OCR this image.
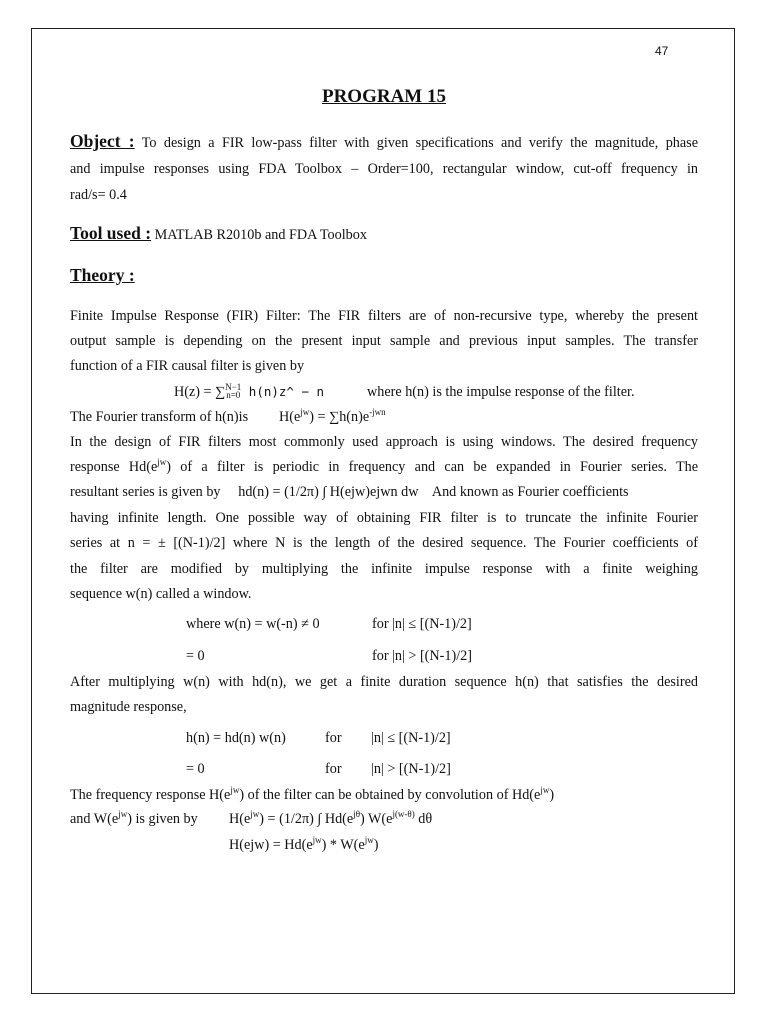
47
PROGRAM 15
Object : To design a FIR low-pass filter with given specifications and verify the magnitude, phase
and impulse responses using FDA Toolbox – Order=100, rectangular window, cut-off frequency in
rad/s= 0.4
Tool used : MATLAB R2010b and FDA Toolbox
Theory :
Finite Impulse Response (FIR) Filter: The FIR filters are of non-recursive type, whereby the present
output sample is depending on the present input sample and previous input samples. The transfer
function of a FIR causal filter is given by
H(z) = ∑N−1
n=0 h(n)z^ − n	where h(n) is the impulse response of the filter.
The Fourier transform of h(n)is $H(e^{jw}) = \sum h(n)e^{-jwn}$
In the design of FIR filters most commonly used approach is using windows. The desired frequency
response $Hd(e^{jw})$ of a filter is periodic in frequency and can be expanded in Fourier series. The
resultant series is given by     hd(n) = (1/2π) ∫ H(ejw)ejwn dw    And known as Fourier coefficients
having infinite length. One possible way of obtaining FIR filter is to truncate the infinite Fourier
series at n = ± [(N-1)/2] where N is the length of the desired sequence. The Fourier coefficients of
the filter are modified by multiplying the infinite impulse response with a finite weighing
sequence w(n) called a window.
where w(n) = w(-n) ≠ 0	for |n| ≤ [(N-1)/2]
= 0	for |n| > [(N-1)/2]
After multiplying w(n) with hd(n), we get a finite duration sequence h(n) that satisfies the desired
magnitude response,
h(n) = hd(n) w(n)	for |n| ≤ [(N-1)/2]
= 0	for |n| > [(N-1)/2]
The frequency response $H(e^{jw})$ of the filter can be obtained by convolution of $Hd(e^{jw})$
and $W(e^{jw})$ is given by $H(e^{jw}) = (1/2\pi)$ ∫ $Hd(e^{j\theta})$ $W(e^{j(w-\theta)}$ dθ
$H(ejw) = Hd(e^{jw}) * W(e^{jw})$
